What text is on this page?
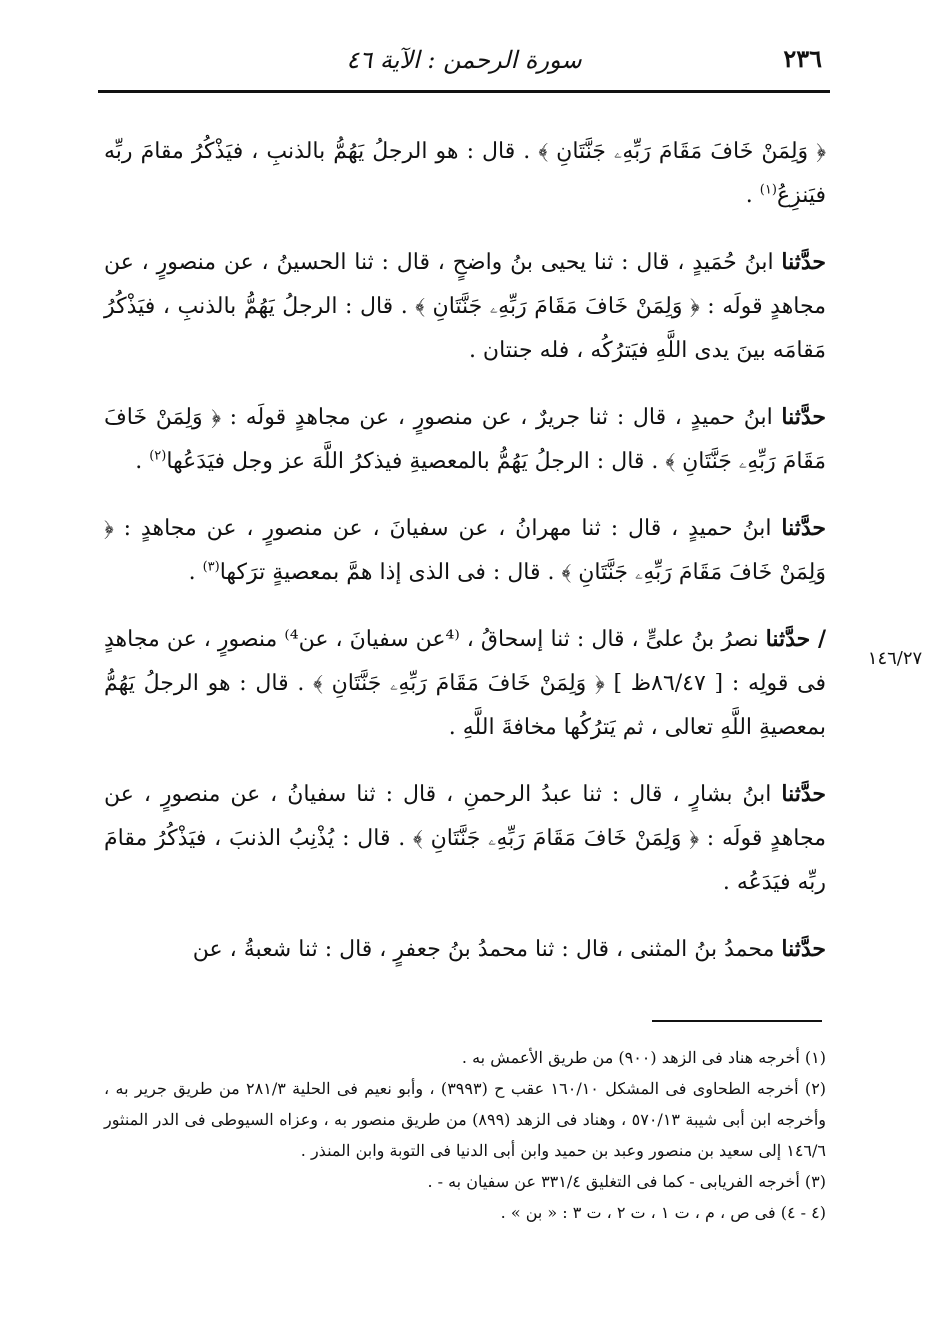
٢٣٦
سورة الرحمن : الآية ٤٦

﴿ وَلِمَنْ خَافَ مَقَامَ رَبِّهِۦ جَنَّتَانِ ﴾ . قال : هو الرجلُ يَهُمُّ بالذنبِ ، فيَذْكُرُ مقامَ ربِّه فيَنزِعُ$^{(١)}$ .

حدَّثنا ابنُ حُمَيدٍ ، قال : ثنا يحيى بنُ واضحٍ ، قال : ثنا الحسينُ ، عن منصورٍ ، عن مجاهدٍ قولَه : ﴿ وَلِمَنْ خَافَ مَقَامَ رَبِّهِۦ جَنَّتَانِ ﴾ . قال : الرجلُ يَهُمُّ بالذنبِ ، فيَذْكُرُ مَقامَه بينَ يدى اللَّهِ فيَترُكُه ، فله جنتان .

حدَّثنا ابنُ حميدٍ ، قال : ثنا جريرٌ ، عن منصورٍ ، عن مجاهدٍ قولَه : ﴿ وَلِمَنْ خَافَ مَقَامَ رَبِّهِۦ جَنَّتَانِ ﴾ . قال : الرجلُ يَهُمُّ بالمعصيةِ فيذكرُ اللَّهَ عز وجل فيَدَعُها$^{(٢)}$ .

حدَّثنا ابنُ حميدٍ ، قال : ثنا مهرانُ ، عن سفيانَ ، عن منصورٍ ، عن مجاهدٍ : ﴿ وَلِمَنْ خَافَ مَقَامَ رَبِّهِۦ جَنَّتَانِ ﴾ . قال : فى الذى إذا همَّ بمعصيةٍ ترَكها$^{(٣)}$ .

/ حدَّثنا نصرُ بنُ علىٍّ ، قال : ثنا إسحاقُ ، ⁽⁴عن سفيانَ ، عن⁴⁾ منصورٍ ، عن مجاهدٍ فى قولِه : [ ٨٦/٤٧ظ ] ﴿ وَلِمَنْ خَافَ مَقَامَ رَبِّهِۦ جَنَّتَانِ ﴾ . قال : هو الرجلُ يَهُمُّ بمعصيةِ اللَّهِ تعالى ، ثم يَترُكُها مخافةَ اللَّهِ .

حدَّثنا ابنُ بشارٍ ، قال : ثنا عبدُ الرحمنِ ، قال : ثنا سفيانُ ، عن منصورٍ ، عن مجاهدٍ قولَه : ﴿ وَلِمَنْ خَافَ مَقَامَ رَبِّهِۦ جَنَّتَانِ ﴾ . قال : يُذْنِبُ الذنبَ ، فيَذْكُرُ مقامَ ربِّه فيَدَعُه .

حدَّثنا محمدُ بنُ المثنى ، قال : ثنا محمدُ بنُ جعفرٍ ، قال : ثنا شعبةُ ، عن

١٤٦/٢٧

(١) أخرجه هناد فى الزهد (٩٠٠) من طريق الأعمش به .

(٢) أخرجه الطحاوى فى المشكل ١٦٠/١٠ عقب ح (٣٩٩٣) ، وأبو نعيم فى الحلية ٢٨١/٣ من طريق جرير به ، وأخرجه ابن أبى شيبة ٥٧٠/١٣ ، وهناد فى الزهد (٨٩٩) من طريق منصور به ، وعزاه السيوطى فى الدر المنثور ١٤٦/٦ إلى سعيد بن منصور وعبد بن حميد وابن أبى الدنيا فى التوبة وابن المنذر .

(٣) أخرجه الفريابى - كما فى التغليق ٣٣١/٤ عن سفيان به - .

(٤ - ٤) فى ص ، م ، ت ١ ، ت ٢ ، ت ٣ : « بن » .
